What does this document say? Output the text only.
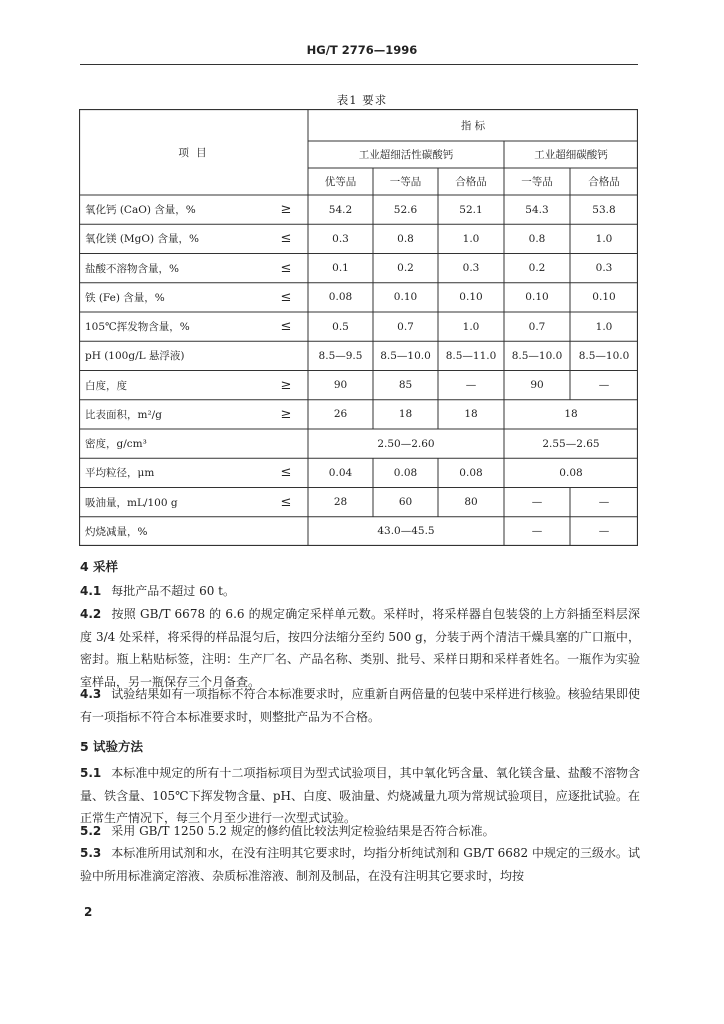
HG/T 2776—1996
表1 要求
项 目
指 标
工业超细活性碳酸钙	工业超细碳酸钙
优等品	一等品	合格品	一等品	合格品
氧化钙 (CaO) 含量，%	≥	54.2	52.6	52.1	54.3	53.8
氧化镁 (MgO) 含量，%	≤	0.3	0.8	1.0	0.8	1.0
盐酸不溶物含量，%	≤	0.1	0.2	0.3	0.2	0.3
铁 (Fe) 含量，%	≤	0.08	0.10	0.10	0.10	0.10
105℃挥发物含量，%	≤	0.5	0.7	1.0	0.7	1.0
pH (100g/L 悬浮液)	8.5—9.5	8.5—10.0	8.5—11.0	8.5—10.0	8.5—10.0
白度，度	≥	90	85	—	90	—
比表面积，m²/g	≥	26	18	18	18
密度，g/cm³	2.50—2.60	2.55—2.65
平均粒径，μm	≤	0.04	0.08	0.08	0.08
吸油量，mL/100 g	≤	28	60	80	—	—
灼烧减量，%	43.0—45.5	—	—
4 采样
4.1 每批产品不超过 60 t。
4.2 按照 GB/T 6678 的 6.6 的规定确定采样单元数。采样时，将采样器自包装袋的上方斜插至料层深度 3/4 处采样，将采得的样品混匀后，按四分法缩分至约 500 g，分装于两个清洁干燥具塞的广口瓶中，密封。瓶上粘贴标签，注明：生产厂名、产品名称、类别、批号、采样日期和采样者姓名。一瓶作为实验室样品，另一瓶保存三个月备查。
4.3 试验结果如有一项指标不符合本标准要求时，应重新自两倍量的包装中采样进行核验。核验结果即使有一项指标不符合本标准要求时，则整批产品为不合格。
5 试验方法
5.1 本标准中规定的所有十二项指标项目为型式试验项目，其中氧化钙含量、氧化镁含量、盐酸不溶物含量、铁含量、105℃下挥发物含量、pH、白度、吸油量、灼烧减量九项为常规试验项目，应逐批试验。在正常生产情况下，每三个月至少进行一次型式试验。
5.2 采用 GB/T 1250 5.2 规定的修约值比较法判定检验结果是否符合标准。
5.3 本标准所用试剂和水，在没有注明其它要求时，均指分析纯试剂和 GB/T 6682 中规定的三级水。试验中所用标准滴定溶液、杂质标准溶液、制剂及制品，在没有注明其它要求时，均按
2
